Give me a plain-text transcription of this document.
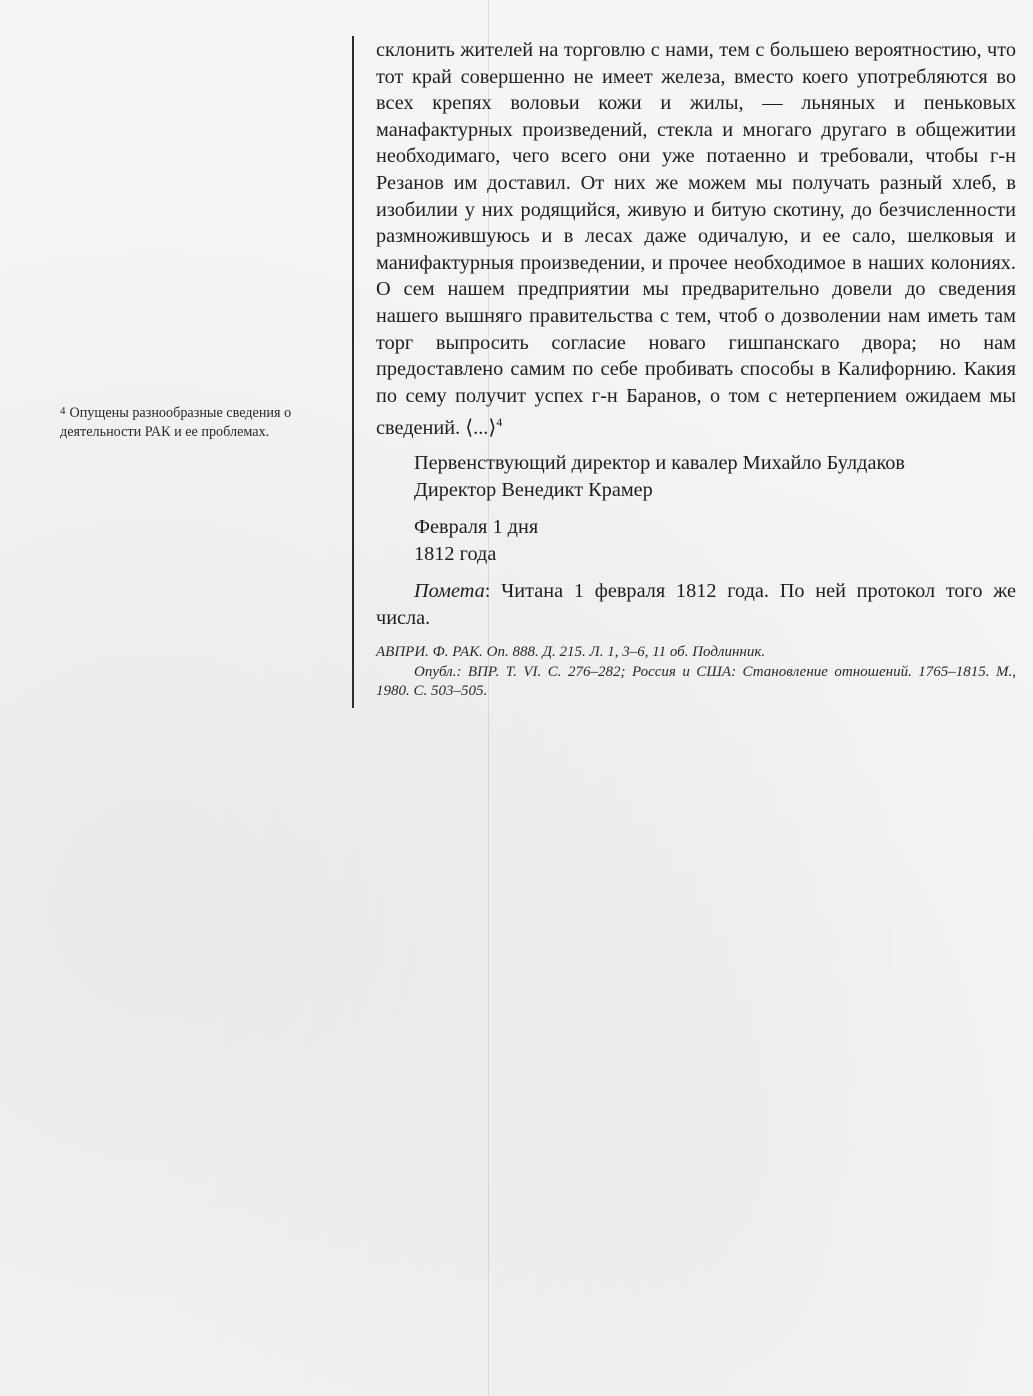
$^4$ Опущены разнообразные сведения о деятельности РАК и ее проблемах.

склонить жителей на торговлю с нами, тем с большею вероятностию, что тот край совершенно не имеет железа, вместо коего употребляются во всех крепях воловьи кожи и жилы, — льняных и пеньковых манафактурных произведений, стекла и многаго другаго в общежитии необходимаго, чего всего они уже потаенно и требовали, чтобы г-н Резанов им доставил. От них же можем мы получать разный хлеб, в изобилии у них родящийся, живую и битую скотину, до безчисленности размножившуюсь и в лесах даже одичалую, и ее сало, шелковыя и манифактурныя произведении, и прочее необходимое в наших колониях. О сем нашем предприятии мы предварительно довели до сведения нашего вышняго правительства с тем, чтоб о дозволении нам иметь там торг выпросить согласие новаго гишпанскаго двора; но нам предоставлено самим по себе пробивать способы в Калифорнию. Какия по сему получит успех г-н Баранов, о том с нетерпением ожидаем мы сведений. ⟨...⟩$^4$

Первенствующий директор и кавалер Михайло Булдаков

Директор Венедикт Крамер

Февраля 1 дня

1812 года

Помета: Читана 1 февраля 1812 года. По ней протокол того же числа.

АВПРИ. Ф. РАК. Оп. 888. Д. 215. Л. 1, 3–6, 11 об. Подлинник.

Опубл.: ВПР. Т. VI. С. 276–282; Россия и США: Становление отношений. 1765–1815. М., 1980. С. 503–505.
